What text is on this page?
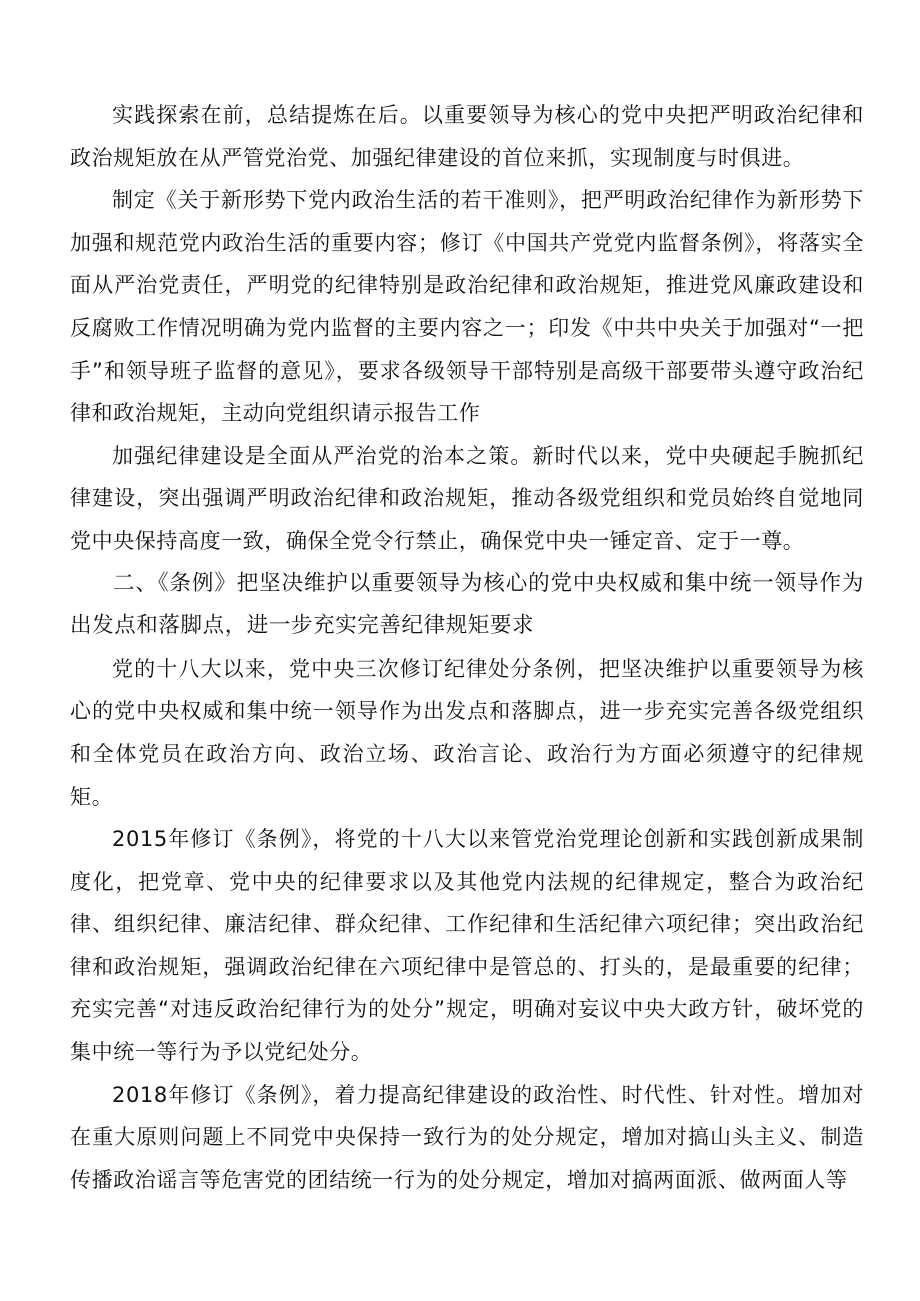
实践探索在前，总结提炼在后。以重要领导为核心的党中央把严明政治纪律和政治规矩放在从严管党治党、加强纪律建设的首位来抓，实现制度与时俱进。

制定《关于新形势下党内政治生活的若干准则》，把严明政治纪律作为新形势下加强和规范党内政治生活的重要内容；修订《中国共产党党内监督条例》，将落实全面从严治党责任，严明党的纪律特别是政治纪律和政治规矩，推进党风廉政建设和反腐败工作情况明确为党内监督的主要内容之一；印发《中共中央关于加强对“一把手”和领导班子监督的意见》，要求各级领导干部特别是高级干部要带头遵守政治纪律和政治规矩，主动向党组织请示报告工作

加强纪律建设是全面从严治党的治本之策。新时代以来，党中央硬起手腕抓纪律建设，突出强调严明政治纪律和政治规矩，推动各级党组织和党员始终自觉地同党中央保持高度一致，确保全党令行禁止，确保党中央一锤定音、定于一尊。

二、《条例》把坚决维护以重要领导为核心的党中央权威和集中统一领导作为出发点和落脚点，进一步充实完善纪律规矩要求

党的十八大以来，党中央三次修订纪律处分条例，把坚决维护以重要领导为核心的党中央权威和集中统一领导作为出发点和落脚点，进一步充实完善各级党组织和全体党员在政治方向、政治立场、政治言论、政治行为方面必须遵守的纪律规矩。

2015年修订《条例》，将党的十八大以来管党治党理论创新和实践创新成果制度化，把党章、党中央的纪律要求以及其他党内法规的纪律规定，整合为政治纪律、组织纪律、廉洁纪律、群众纪律、工作纪律和生活纪律六项纪律；突出政治纪律和政治规矩，强调政治纪律在六项纪律中是管总的、打头的，是最重要的纪律；充实完善“对违反政治纪律行为的处分”规定，明确对妄议中央大政方针，破坏党的集中统一等行为予以党纪处分。

2018年修订《条例》，着力提高纪律建设的政治性、时代性、针对性。增加对在重大原则问题上不同党中央保持一致行为的处分规定，增加对搞山头主义、制造传播政治谣言等危害党的团结统一行为的处分规定，增加对搞两面派、做两面人等
